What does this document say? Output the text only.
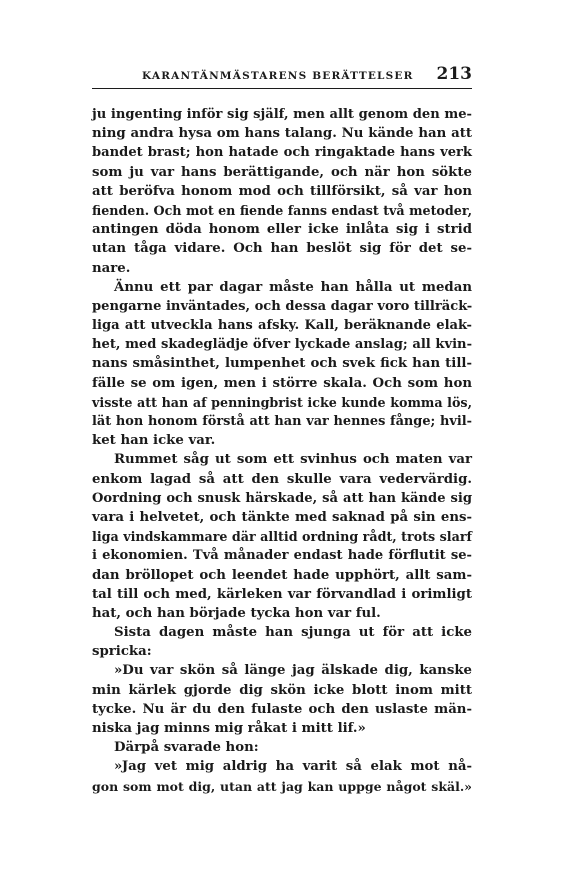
KARANTÄNMÄSTARENS BERÄTTELSER 213
ju ingenting inför sig själf, men allt genom den me-
ning andra hysa om hans talang. Nu kände han att
bandet brast; hon hatade och ringaktade hans verk
som ju var hans berättigande, och när hon sökte
att beröfva honom mod och tillförsikt, så var hon
fienden. Och mot en fiende fanns endast två metoder,
antingen döda honom eller icke inlåta sig i strid
utan tåga vidare. Och han beslöt sig för det se-
nare.
Ännu ett par dagar måste han hålla ut medan
pengarne inväntades, och dessa dagar voro tillräck-
liga att utveckla hans afsky. Kall, beräknande elak-
het, med skadeglädje öfver lyckade anslag; all kvin-
nans småsinthet, lumpenhet och svek fick han till-
fälle se om igen, men i större skala. Och som hon
visste att han af penningbrist icke kunde komma lös,
lät hon honom förstå att han var hennes fånge; hvil-
ket han icke var.
Rummet såg ut som ett svinhus och maten var
enkom lagad så att den skulle vara vedervärdig.
Oordning och snusk härskade, så att han kände sig
vara i helvetet, och tänkte med saknad på sin ens-
liga vindskammare där alltid ordning rådt, trots slarf
i ekonomien. Två månader endast hade förflutit se-
dan bröllopet och leendet hade upphört, allt sam-
tal till och med, kärleken var förvandlad i orimligt
hat, och han började tycka hon var ful.
Sista dagen måste han sjunga ut för att icke
spricka:
»Du var skön så länge jag älskade dig, kanske
min kärlek gjorde dig skön icke blott inom mitt
tycke. Nu är du den fulaste och den uslaste män-
niska jag minns mig råkat i mitt lif.»
Därpå svarade hon:
»Jag vet mig aldrig ha varit så elak mot nå-
gon som mot dig, utan att jag kan uppge något skäl.»
